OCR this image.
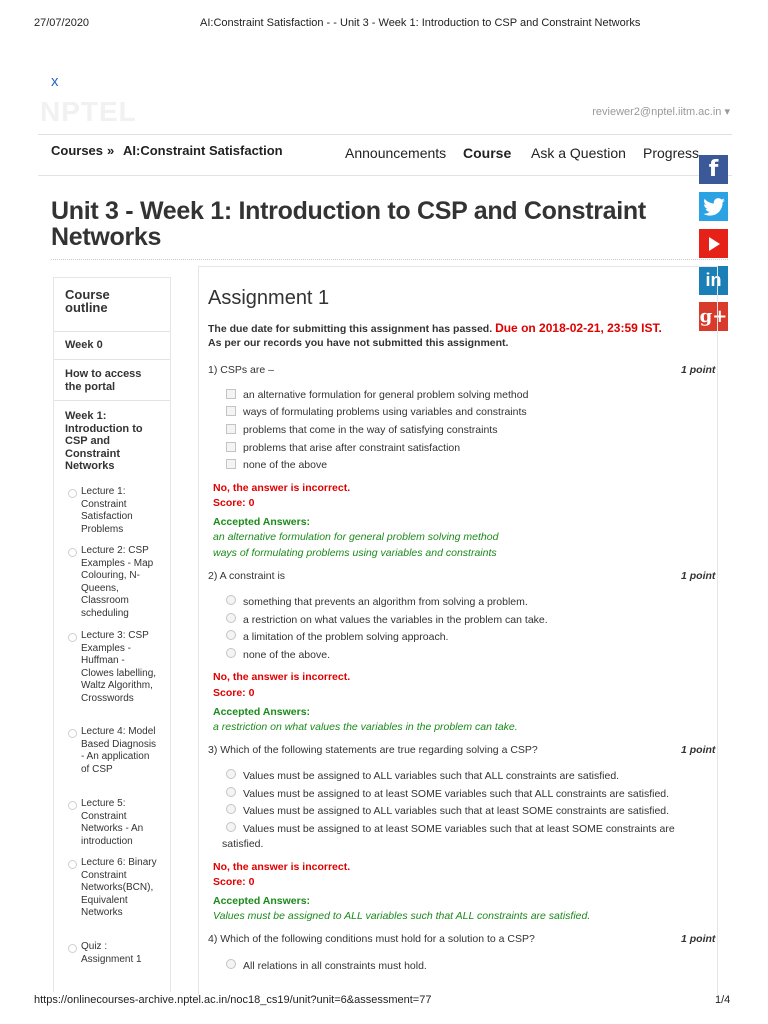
27/07/2020	AI:Constraint Satisfaction - - Unit 3 - Week 1: Introduction to CSP and Constraint Networks
https://onlinecourses-archive.nptel.ac.in/noc18_cs19/unit?unit=6&assessment=77	1/4
x
NPTEL	reviewer2@nptel.iitm.ac.in ▾
Courses » AI:Constraint Satisfaction	Announcements Course Ask a Question Progress
f
in
g+
Unit 3 - Week 1: Introduction to CSP and Constraint Networks
Course outline
Week 0
How to access the portal
Week 1: Introduction to CSP and Constraint Networks
Lecture 1: Constraint Satisfaction Problems
Lecture 2: CSP Examples - Map Colouring, N-Queens, Classroom scheduling
Lecture 3: CSP Examples - Huffman - Clowes labelling, Waltz Algorithm, Crosswords
Lecture 4: Model Based Diagnosis - An application of CSP
Lecture 5: Constraint Networks - An introduction
Lecture 6: Binary Constraint Networks(BCN), Equivalent Networks
Quiz : Assignment 1
Assignment 1
The due date for submitting this assignment has passed. Due on 2018-02-21, 23:59 IST.
As per our records you have not submitted this assignment.
1) CSPs are –	1 point
an alternative formulation for general problem solving method
ways of formulating problems using variables and constraints
problems that come in the way of satisfying constraints
problems that arise after constraint satisfaction
none of the above
No, the answer is incorrect.
Score: 0
Accepted Answers:
an alternative formulation for general problem solving method
ways of formulating problems using variables and constraints
2) A constraint is	1 point
something that prevents an algorithm from solving a problem.
a restriction on what values the variables in the problem can take.
a limitation of the problem solving approach.
none of the above.
No, the answer is incorrect.
Score: 0
Accepted Answers:
a restriction on what values the variables in the problem can take.
3) Which of the following statements are true regarding solving a CSP?	1 point
Values must be assigned to ALL variables such that ALL constraints are satisfied.
Values must be assigned to at least SOME variables such that ALL constraints are satisfied.
Values must be assigned to ALL variables such that at least SOME constraints are satisfied.
Values must be assigned to at least SOME variables such that at least SOME constraints are
satisfied.
No, the answer is incorrect.
Score: 0
Accepted Answers:
Values must be assigned to ALL variables such that ALL constraints are satisfied.
4) Which of the following conditions must hold for a solution to a CSP?	1 point
All relations in all constraints must hold.
